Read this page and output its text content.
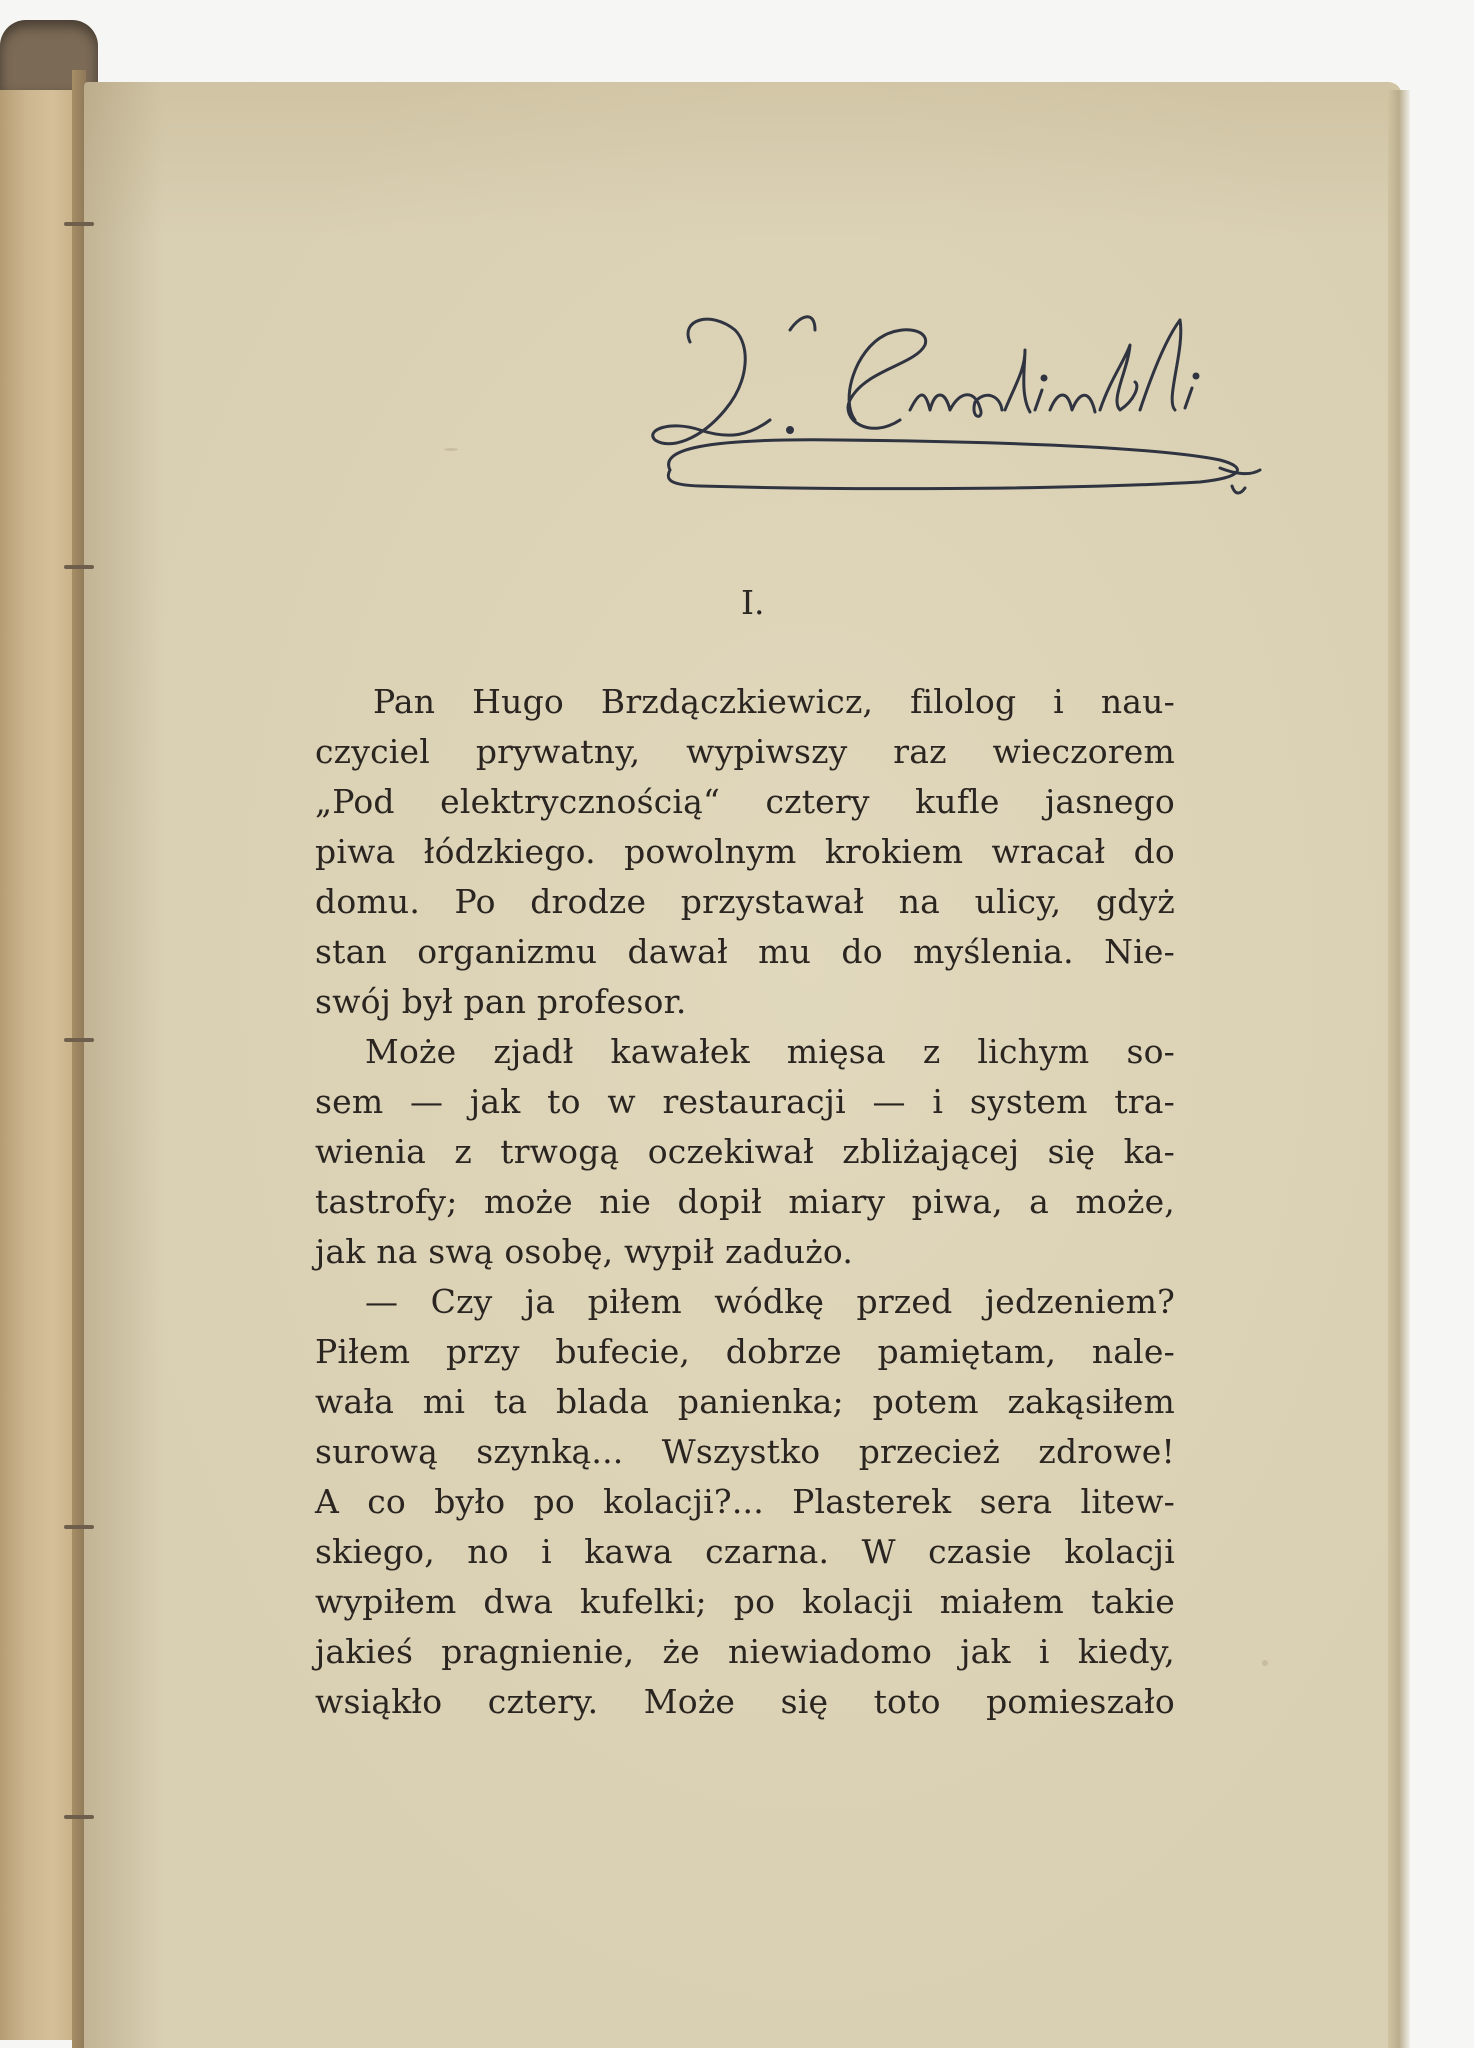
I.
Pan Hugo Brzdączkiewicz, filolog i nau-
czyciel prywatny, wypiwszy raz wieczorem
„Pod elektrycznością“ cztery kufle jasnego
piwa łódzkiego. powolnym krokiem wracał do
domu. Po drodze przystawał na ulicy, gdyż
stan organizmu dawał mu do myślenia. Nie-
swój był pan profesor.
Może zjadł kawałek mięsa z lichym so-
sem — jak to w restauracji — i system tra-
wienia z trwogą oczekiwał zbliżającej się ka-
tastrofy; może nie dopił miary piwa, a może,
jak na swą osobę, wypił zadużo.
— Czy ja piłem wódkę przed jedzeniem?
Piłem przy bufecie, dobrze pamiętam, nale-
wała mi ta blada panienka; potem zakąsiłem
surową szynką... Wszystko przecież zdrowe!
A co było po kolacji?... Plasterek sera litew-
skiego, no i kawa czarna. W czasie kolacji
wypiłem dwa kufelki; po kolacji miałem takie
jakieś pragnienie, że niewiadomo jak i kiedy,
wsiąkło cztery. Może się toto pomieszało
